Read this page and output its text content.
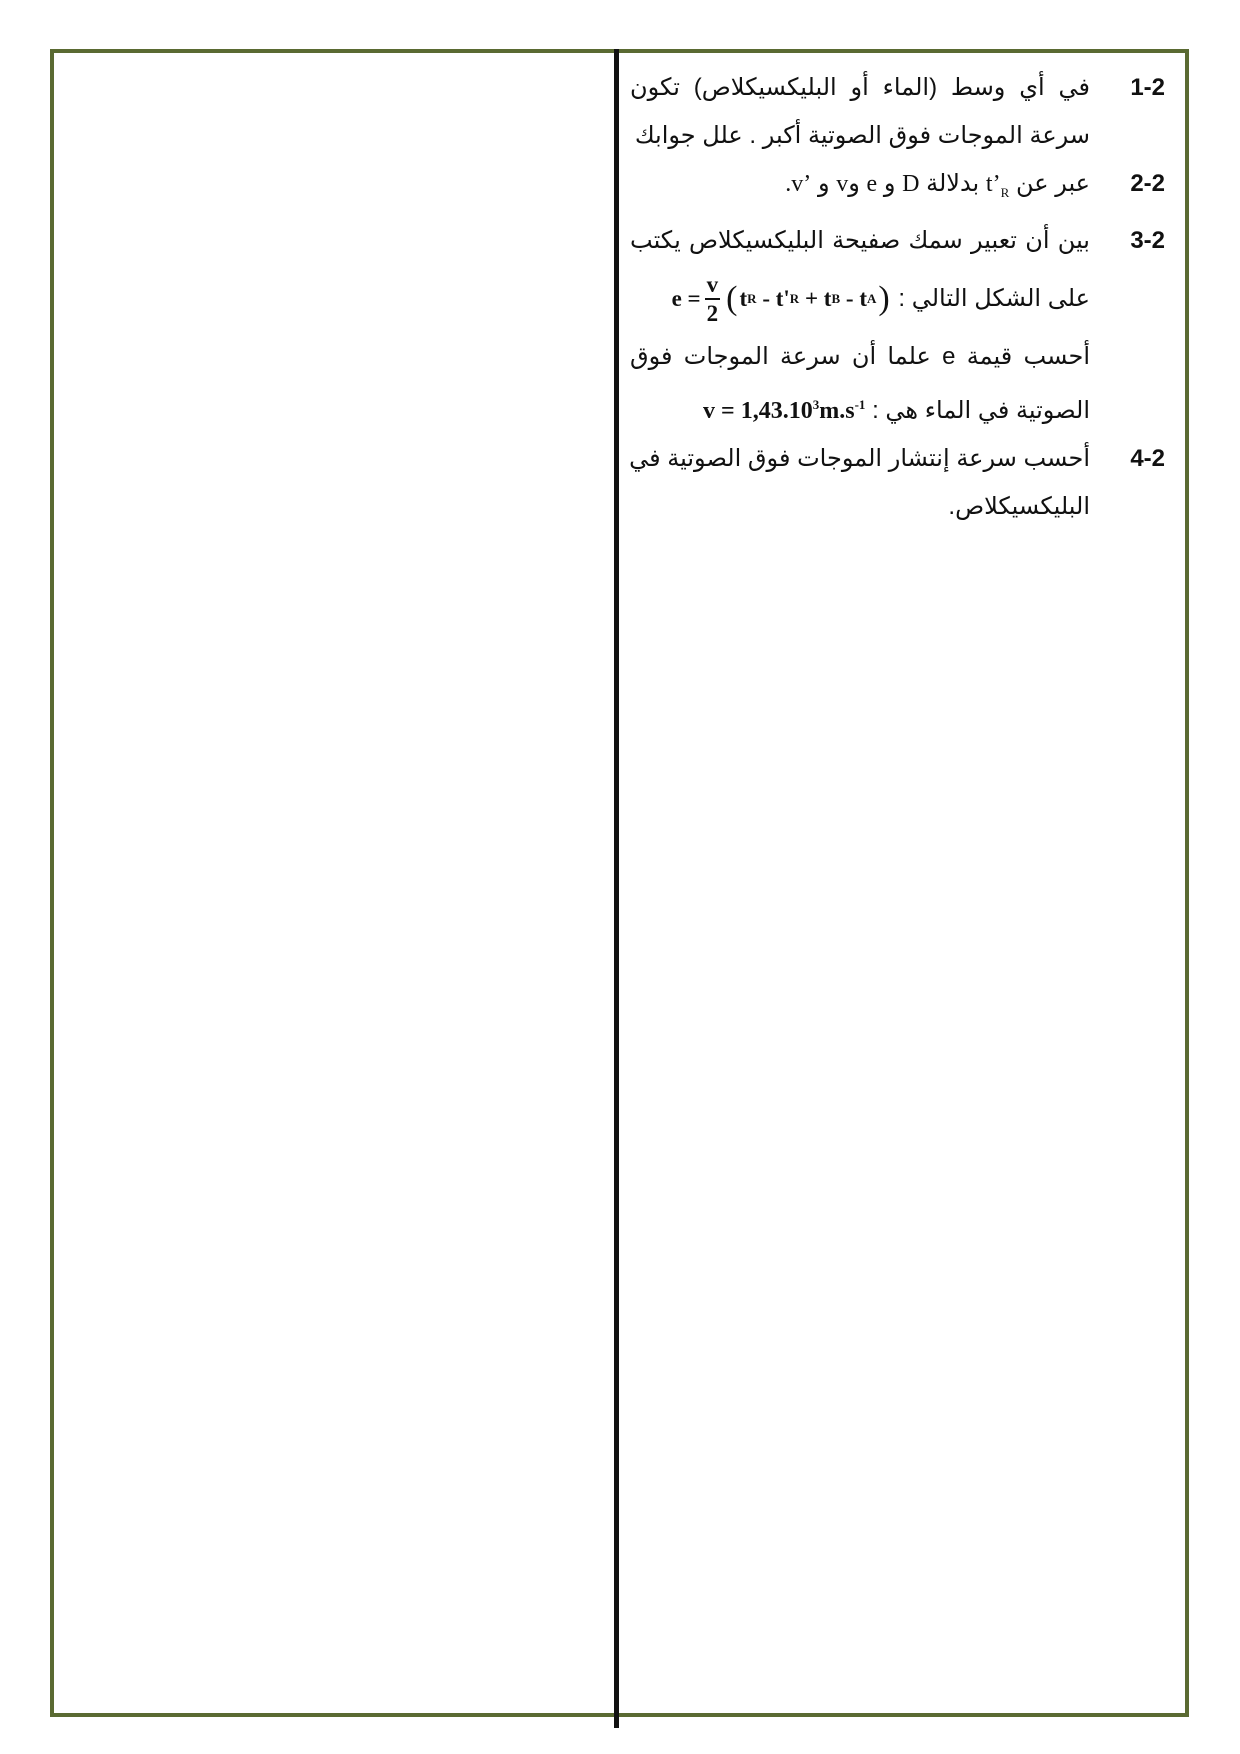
1-2
في أي وسط (الماء أو البليكسيكلاص) تكون
سرعة الموجات فوق الصوتية أكبر . علل جوابك
2-2
عبر عن $t’_R$ بدلالة D و e وv و .v’
3-2
بين أن تعبير سمك صفيحة البليكسيكلاص يكتب
على الشكل التالي :
$e = \frac{v}{2}$ ( t R
-
t' R
+
t B
-
t A )
أحسب قيمة e علما أن سرعة الموجات فوق
الصوتية في الماء هي : $v = 1,43.10^3m.s^{-1}$
4-2
أحسب سرعة إنتشار الموجات فوق الصوتية في
البليكسيكلاص.
